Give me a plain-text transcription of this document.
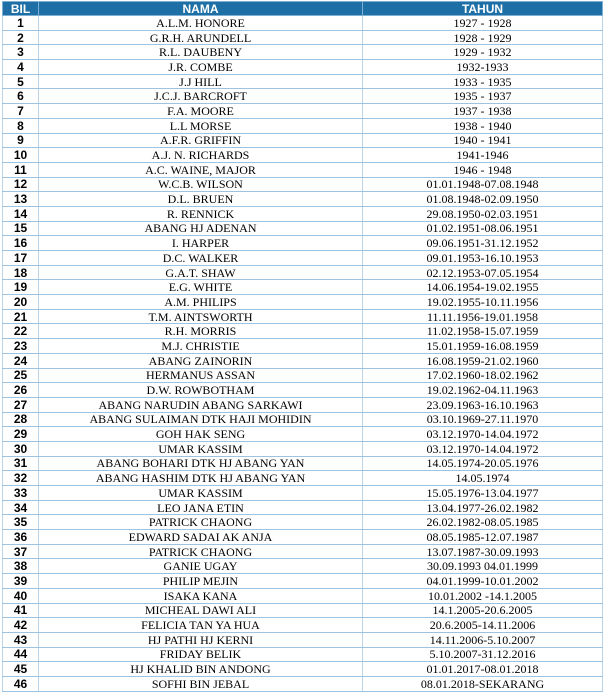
BIL	NAMA	TAHUN
1	A.L.M. HONORE	1927 - 1928
2	G.R.H. ARUNDELL	1928 - 1929
3	R.L. DAUBENY	1929 - 1932
4	J.R. COMBE	1932-1933
5	J.J HILL	1933 - 1935
6	J.C.J. BARCROFT	1935 - 1937
7	F.A. MOORE	1937 - 1938
8	L.L MORSE	1938 - 1940
9	A.F.R. GRIFFIN	1940 - 1941
10	A.J. N. RICHARDS	1941-1946
11	A.C. WAINE, MAJOR	1946 - 1948
12	W.C.B. WILSON	01.01.1948-07.08.1948
13	D.L. BRUEN	01.08.1948-02.09.1950
14	R. RENNICK	29.08.1950-02.03.1951
15	ABANG HJ ADENAN	01.02.1951-08.06.1951
16	I. HARPER	09.06.1951-31.12.1952
17	D.C. WALKER	09.01.1953-16.10.1953
18	G.A.T. SHAW	02.12.1953-07.05.1954
19	E.G. WHITE	14.06.1954-19.02.1955
20	A.M. PHILIPS	19.02.1955-10.11.1956
21	T.M. AINTSWORTH	11.11.1956-19.01.1958
22	R.H. MORRIS	11.02.1958-15.07.1959
23	M.J. CHRISTIE	15.01.1959-16.08.1959
24	ABANG ZAINORIN	16.08.1959-21.02.1960
25	HERMANUS ASSAN	17.02.1960-18.02.1962
26	D.W. ROWBOTHAM	19.02.1962-04.11.1963
27	ABANG NARUDIN ABANG SARKAWI	23.09.1963-16.10.1963
28	ABANG SULAIMAN DTK HAJI MOHIDIN	03.10.1969-27.11.1970
29	GOH HAK SENG	03.12.1970-14.04.1972
30	UMAR KASSIM	03.12.1970-14.04.1972
31	ABANG BOHARI DTK HJ ABANG YAN	14.05.1974-20.05.1976
32	ABANG HASHIM DTK HJ ABANG YAN	14.05.1974
33	UMAR KASSIM	15.05.1976-13.04.1977
34	LEO JANA ETIN	13.04.1977-26.02.1982
35	PATRICK CHAONG	26.02.1982-08.05.1985
36	EDWARD SADAI AK ANJA	08.05.1985-12.07.1987
37	PATRICK CHAONG	13.07.1987-30.09.1993
38	GANIE UGAY	30.09.1993 04.01.1999
39	PHILIP MEJIN	04.01.1999-10.01.2002
40	ISAKA KANA	10.01.2002 -14.1.2005
41	MICHEAL DAWI ALI	14.1.2005-20.6.2005
42	FELICIA TAN YA HUA	20.6.2005-14.11.2006
43	HJ PATHI HJ KERNI	14.11.2006-5.10.2007
44	FRIDAY BELIK	5.10.2007-31.12.2016
45	HJ KHALID BIN ANDONG	01.01.2017-08.01.2018
46	SOFHI BIN JEBAL	08.01.2018-SEKARANG
